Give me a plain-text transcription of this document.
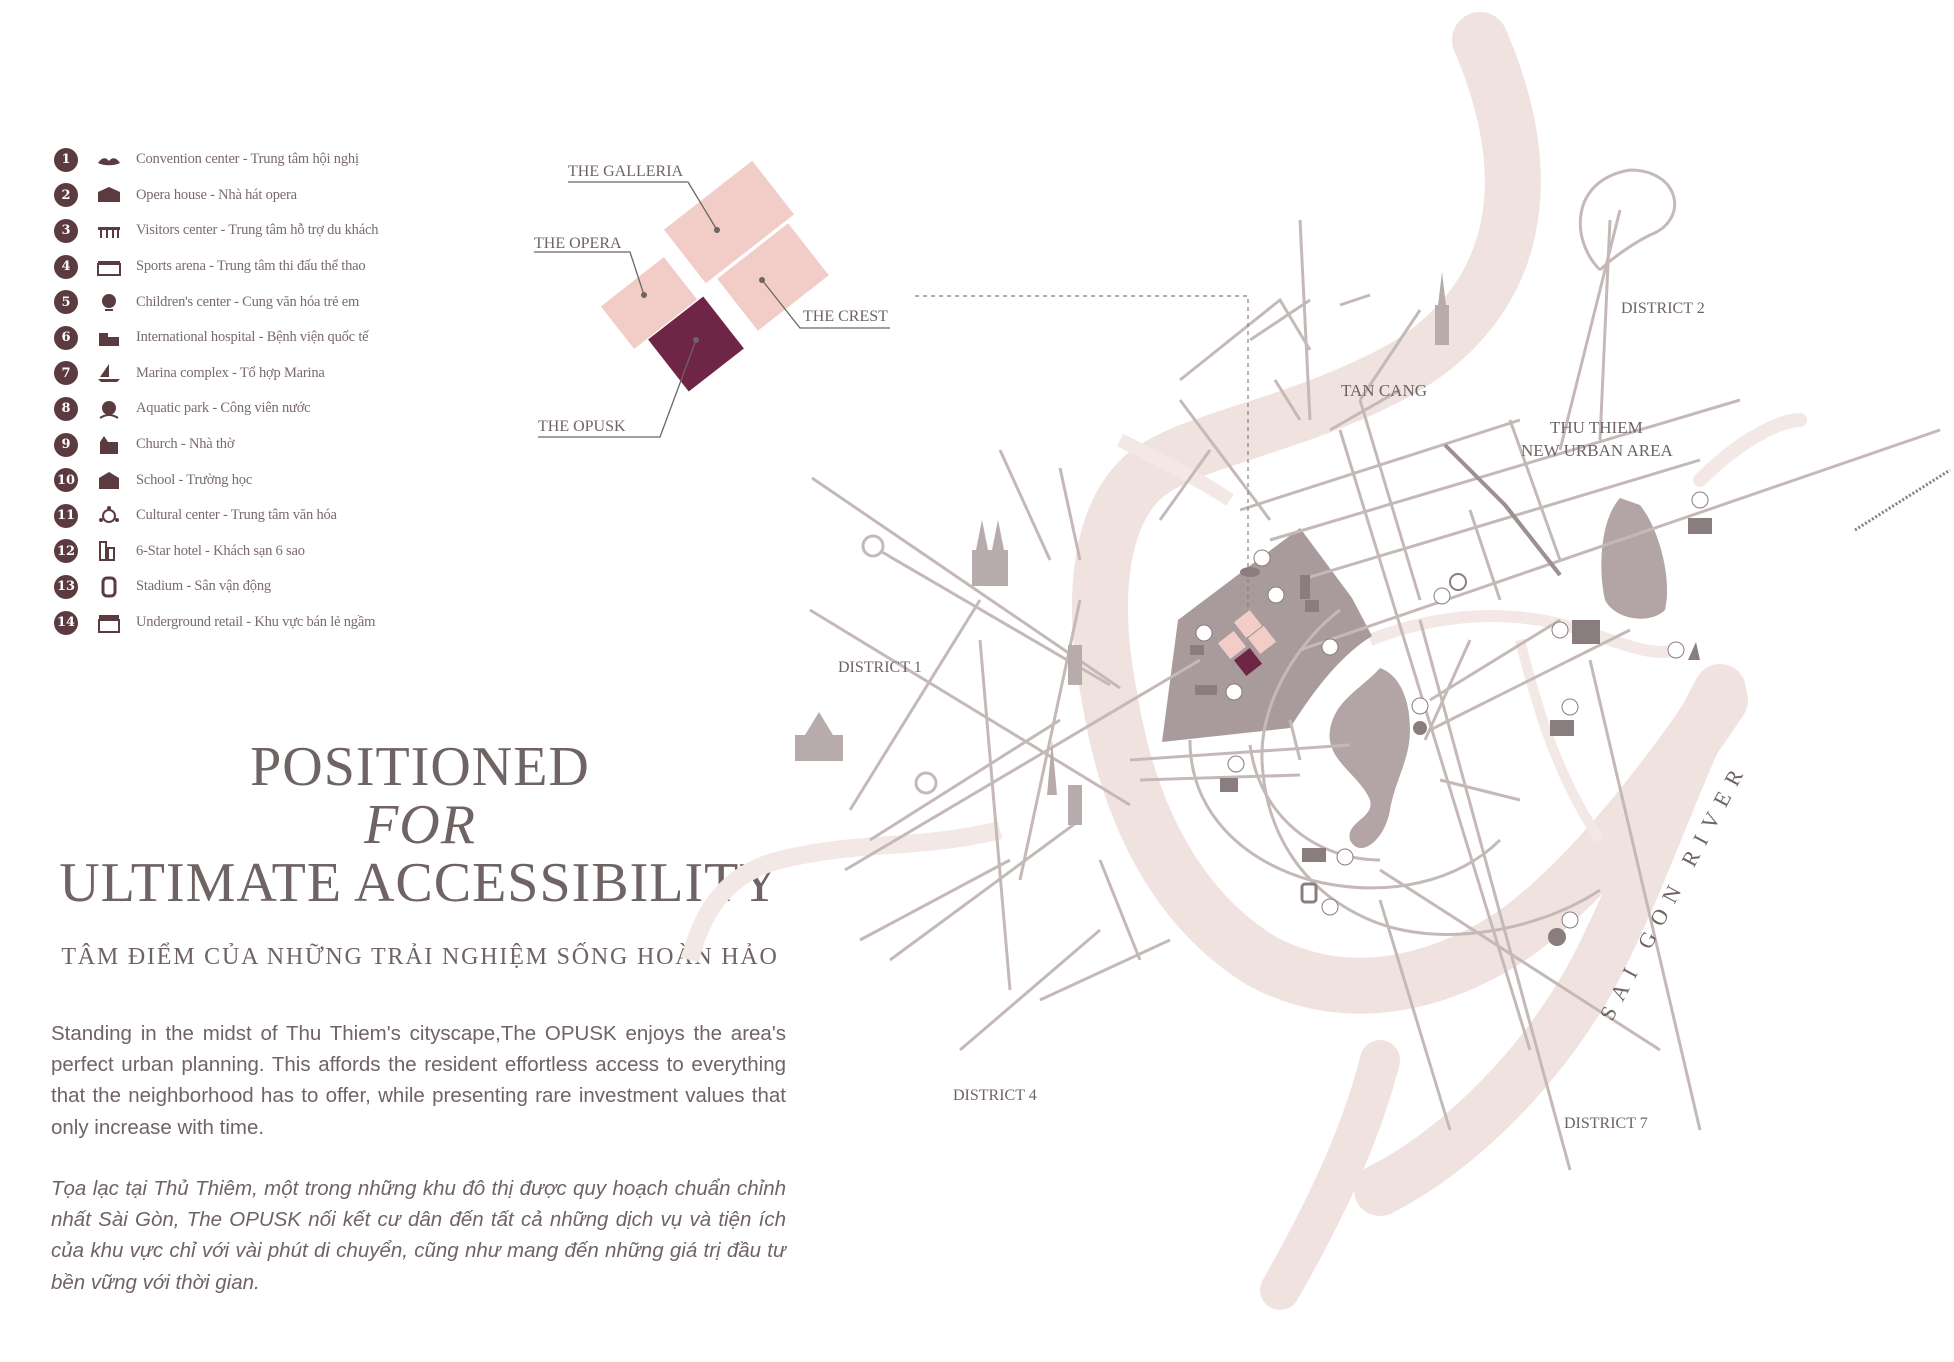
1	Convention center - Trung tâm hội nghị
2	Opera house - Nhà hát opera
3	Visitors center - Trung tâm hỗ trợ du khách
4	Sports arena - Trung tâm thi đấu thể thao
5	Children's center - Cung văn hóa trẻ em
6	International hospital - Bệnh viện quốc tế
7	Marina complex - Tổ hợp Marina
8	Aquatic park - Công viên nước
9	Church - Nhà thờ
10	School - Trường học
11	Cultural center - Trung tâm văn hóa
12	6-Star hotel - Khách sạn 6 sao
13	Stadium - Sân vận động
14	Underground retail - Khu vực bán lẻ ngầm
POSITIONED
FOR
ULTIMATE ACCESSIBILITY
TÂM ĐIỂM CỦA NHỮNG TRẢI NGHIỆM SỐNG HOÀN HẢO
Standing in the midst of Thu Thiem's cityscape,The OPUSK enjoys the area's perfect urban planning. This affords the resident effortless access to everything that the neighborhood has to offer, while presenting rare investment values that only increase with time.
Tọa lạc tại Thủ Thiêm, một trong những khu đô thị được quy hoạch chuẩn chỉnh nhất Sài Gòn, The OPUSK nối kết cư dân đến tất cả những dịch vụ và tiện ích của khu vực chỉ với vài phút di chuyển, cũng như mang đến những giá trị đầu tư bền vững với thời gian.
THE GALLERIA
THE OPERA
THE CREST
THE OPUSK
DISTRICT 1
DISTRICT 2
DISTRICT 4
DISTRICT 7
TAN CANG
THU THIEM
NEW URBAN AREA
SAI GON RIVER
